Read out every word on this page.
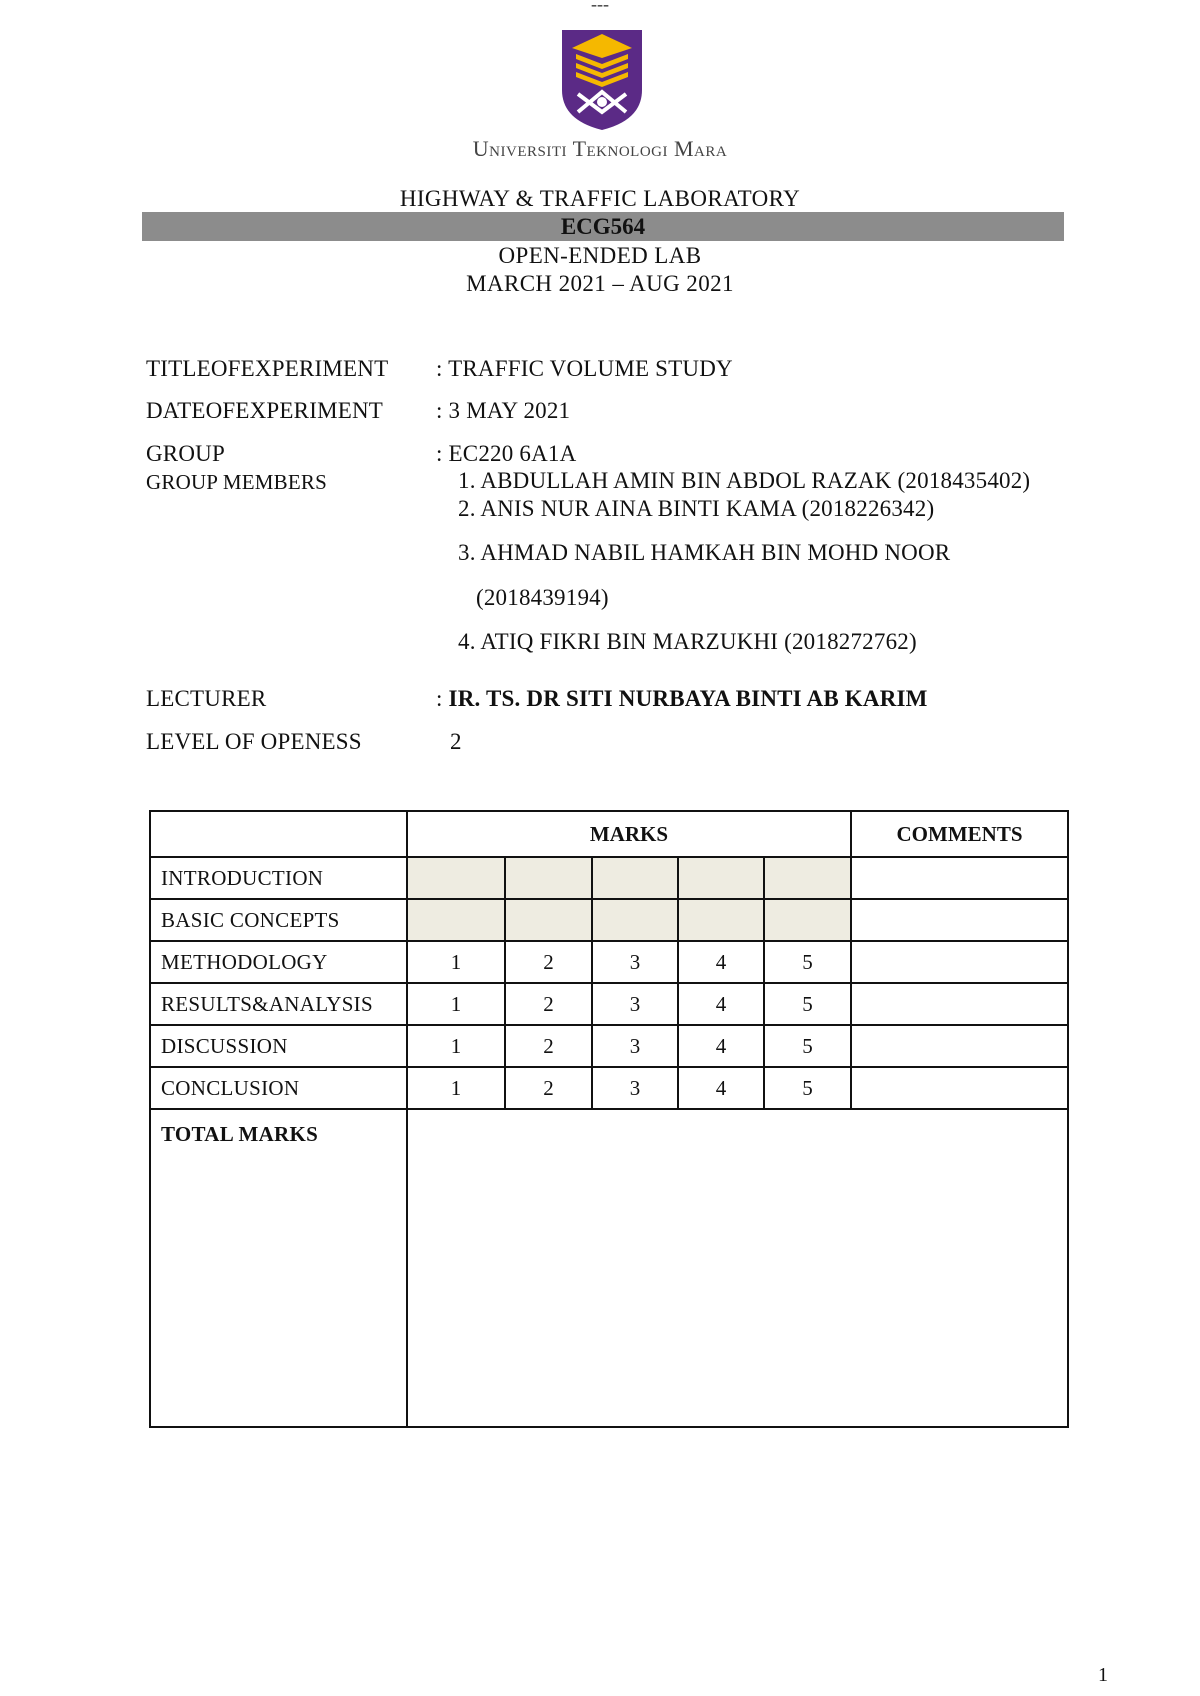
---
Universiti Teknologi Mara
HIGHWAY & TRAFFIC LABORATORY
ECG564
OPEN-ENDED LAB
MARCH 2021 – AUG 2021
TITLEOFEXPERIMENT : TRAFFIC VOLUME STUDY
DATEOFEXPERIMENT : 3 MAY 2021
GROUP	: EC220 6A1A
GROUP MEMBERS	1. ABDULLAH AMIN BIN ABDOL RAZAK (2018435402)
2. ANIS NUR AINA BINTI KAMA (2018226342)
3. AHMAD NABIL HAMKAH BIN MOHD NOOR
(2018439194)
4. ATIQ FIKRI BIN MARZUKHI (2018272762)
LECTURER	: IR. TS. DR SITI NURBAYA BINTI AB KARIM
LEVEL OF OPENESS	2
	MARKS					COMMENTS
INTRODUCTION						
BASIC CONCEPTS						
METHODOLOGY	1	2	3	4	5	
RESULTS&ANALYSIS	1	2	3	4	5	
DISCUSSION	1	2	3	4	5	
CONCLUSION	1	2	3	4	5	
TOTAL MARKS						
1
